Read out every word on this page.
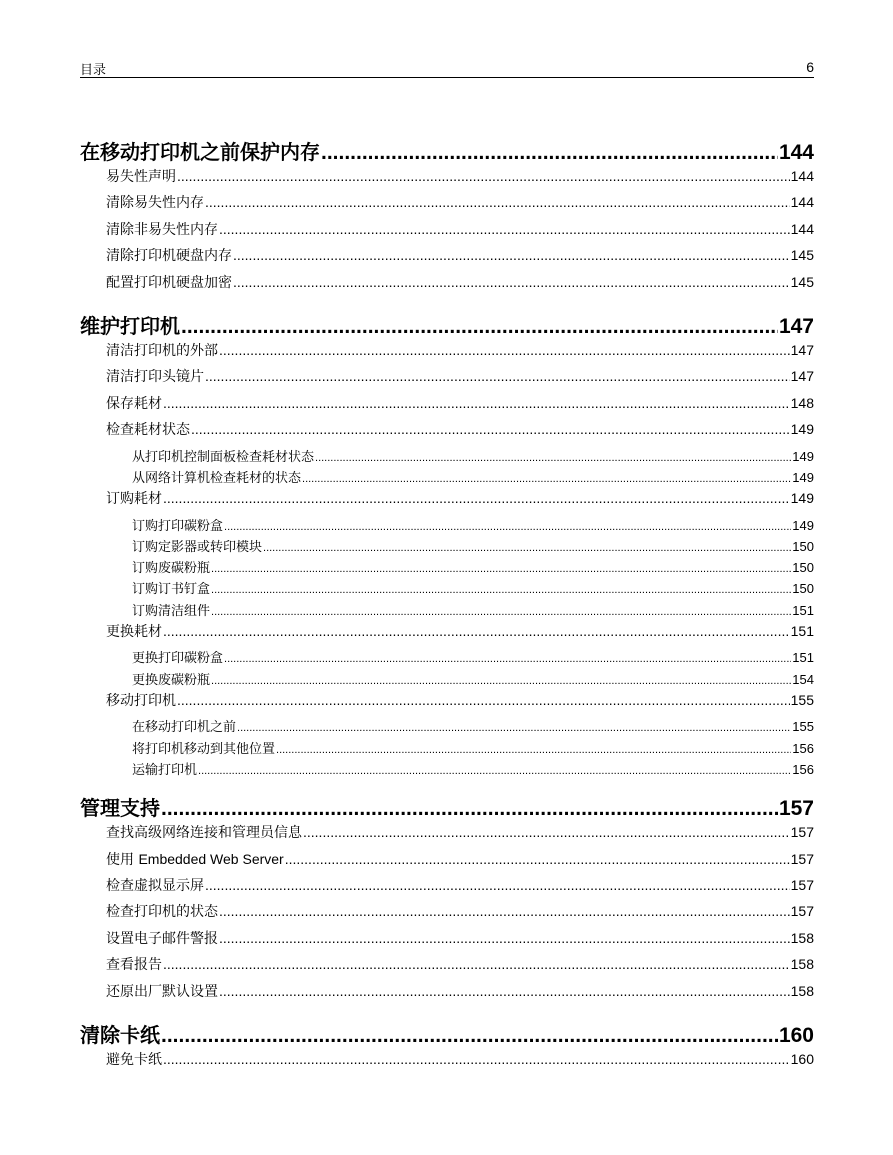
目录	6
在移动打印机之前保护内存 .....	144
易失性声明 .....	144
清除易失性内存 .....	144
清除非易失性内存 .....	144
清除打印机硬盘内存 .....	145
配置打印机硬盘加密 .....	145
维护打印机 .....	147
清洁打印机的外部 .....	147
清洁打印头镜片 .....	147
保存耗材 .....	148
检查耗材状态 .....	149
从打印机控制面板检查耗材状态 .....	149
从网络计算机检查耗材的状态 .....	149
订购耗材 .....	149
订购打印碳粉盒 .....	149
订购定影器或转印模块 .....	150
订购废碳粉瓶 .....	150
订购订书钉盒 .....	150
订购清洁组件 .....	151
更换耗材 .....	151
更换打印碳粉盒 .....	151
更换废碳粉瓶 .....	154
移动打印机 .....	155
在移动打印机之前 .....	155
将打印机移动到其他位置 .....	156
运输打印机 .....	156
管理支持 .....	157
查找高级网络连接和管理员信息 .....	157
使用 Embedded Web Server .....	157
检查虚拟显示屏 .....	157
检查打印机的状态 .....	157
设置电子邮件警报 .....	158
查看报告 .....	158
还原出厂默认设置 .....	158
清除卡纸 .....	160
避免卡纸 .....	160
